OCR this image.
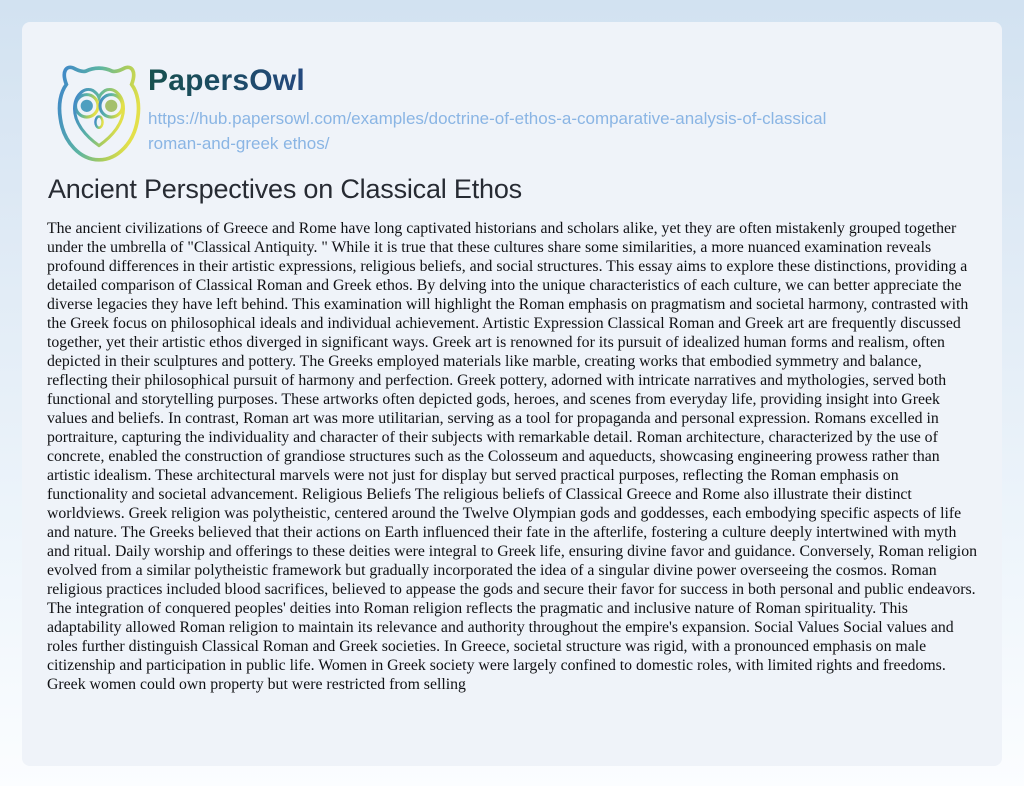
PapersOwl
https://hub.papersowl.com/examples/doctrine-of-ethos-a-comparative-analysis-of-classical
roman-and-greek ethos/
Ancient Perspectives on Classical Ethos

The ancient civilizations of Greece and Rome have long captivated historians and scholars alike, yet they are often mistakenly grouped together under the umbrella of "Classical Antiquity. " While it is true that these cultures share some similarities, a more nuanced examination reveals profound differences in their artistic expressions, religious beliefs, and social structures. This essay aims to explore these distinctions, providing a detailed comparison of Classical Roman and Greek ethos. By delving into the unique characteristics of each culture, we can better appreciate the diverse legacies they have left behind. This examination will highlight the Roman emphasis on pragmatism and societal harmony, contrasted with the Greek focus on philosophical ideals and individual achievement. Artistic Expression Classical Roman and Greek art are frequently discussed together, yet their artistic ethos diverged in significant ways. Greek art is renowned for its pursuit of idealized human forms and realism, often depicted in their sculptures and pottery. The Greeks employed materials like marble, creating works that embodied symmetry and balance, reflecting their philosophical pursuit of harmony and perfection. Greek pottery, adorned with intricate narratives and mythologies, served both functional and storytelling purposes. These artworks often depicted gods, heroes, and scenes from everyday life, providing insight into Greek values and beliefs. In contrast, Roman art was more utilitarian, serving as a tool for propaganda and personal expression. Romans excelled in portraiture, capturing the individuality and character of their subjects with remarkable detail. Roman architecture, characterized by the use of concrete, enabled the construction of grandiose structures such as the Colosseum and aqueducts, showcasing engineering prowess rather than artistic idealism. These architectural marvels were not just for display but served practical purposes, reflecting the Roman emphasis on functionality and societal advancement. Religious Beliefs The religious beliefs of Classical Greece and Rome also illustrate their distinct worldviews. Greek religion was polytheistic, centered around the Twelve Olympian gods and goddesses, each embodying specific aspects of life and nature. The Greeks believed that their actions on Earth influenced their fate in the afterlife, fostering a culture deeply intertwined with myth and ritual. Daily worship and offerings to these deities were integral to Greek life, ensuring divine favor and guidance. Conversely, Roman religion evolved from a similar polytheistic framework but gradually incorporated the idea of a singular divine power overseeing the cosmos. Roman religious practices included blood sacrifices, believed to appease the gods and secure their favor for success in both personal and public endeavors. The integration of conquered peoples' deities into Roman religion reflects the pragmatic and inclusive nature of Roman spirituality. This adaptability allowed Roman religion to maintain its relevance and authority throughout the empire's expansion. Social Values Social values and roles further distinguish Classical Roman and Greek societies. In Greece, societal structure was rigid, with a pronounced emphasis on male citizenship and participation in public life. Women in Greek society were largely confined to domestic roles, with limited rights and freedoms. Greek women could own property but were restricted from selling
